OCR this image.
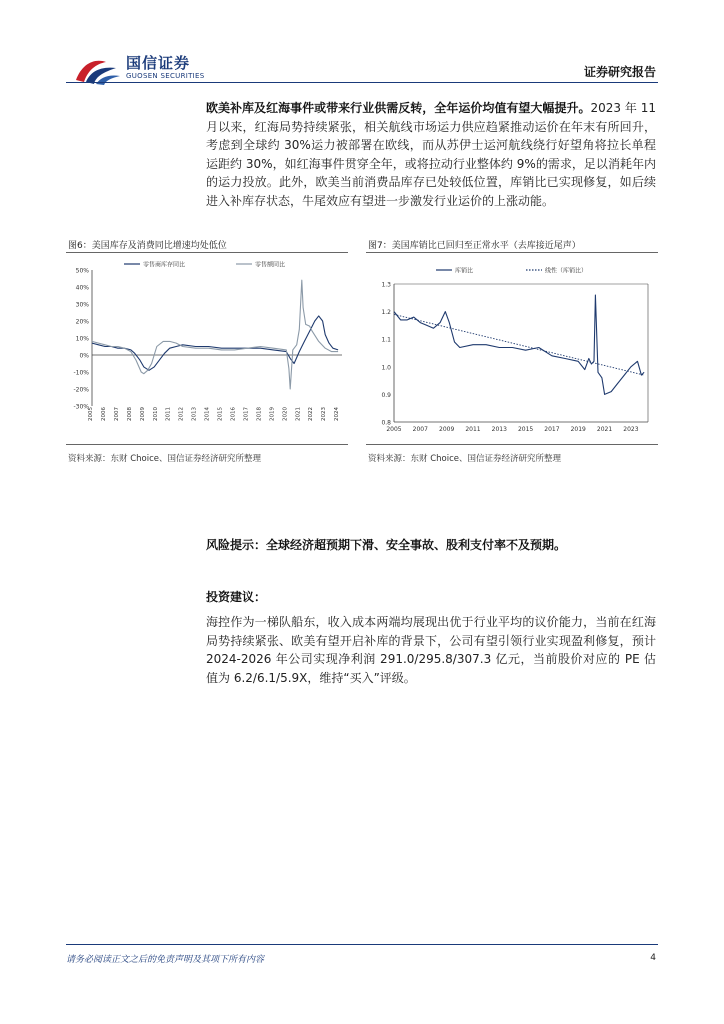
国信证券
GUOSEN SECURITIES	证券研究报告

欧美补库及红海事件或带来行业供需反转，全年运价均值有望大幅提升。2023 年 11 月以来，红海局势持续紧张，相关航线市场运力供应趋紧推动运价在年末有所回升，考虑到全球约 30%运力被部署在欧线，而从苏伊士运河航线绕行好望角将拉长单程运距约 30%，如红海事件贯穿全年，或将拉动行业整体约 9%的需求，足以消耗年内的运力投放。此外，欧美当前消费品库存已处较低位置，库销比已实现修复，如后续进入补库存状态，牛尾效应有望进一步激发行业运价的上涨动能。

图6：美国库存及消费同比增速均处低位
50%
40%
30%
20%
10%
0%
-10%
-20%
-30% 2005 2006 2007 2008 2009 2010 2011 2012 2013 2014 2015 2016 2017 2018 2019 2020 2021 2022 2023 2024
零售商库存同比	零售额同比
资料来源：东财 Choice、国信证券经济研究所整理
图7：美国库销比已回归至正常水平（去库接近尾声）
1.3
1.2
1.1
1.0
0.9
0.8
2005 2007 2009 2011 2013 2015 2017 2019 2021 2023
库销比	线性（库销比）
资料来源：东财 Choice、国信证券经济研究所整理

风险提示：全球经济超预期下滑、安全事故、股利支付率不及预期。

投资建议：

海控作为一梯队船东，收入成本两端均展现出优于行业平均的议价能力，当前在红海局势持续紧张、欧美有望开启补库的背景下，公司有望引领行业实现盈利修复，预计 2024-2026 年公司实现净利润 291.0/295.8/307.3 亿元，当前股价对应的 PE 估值为 6.2/6.1/5.9X，维持“买入”评级。

请务必阅读正文之后的免责声明及其项下所有内容	4
